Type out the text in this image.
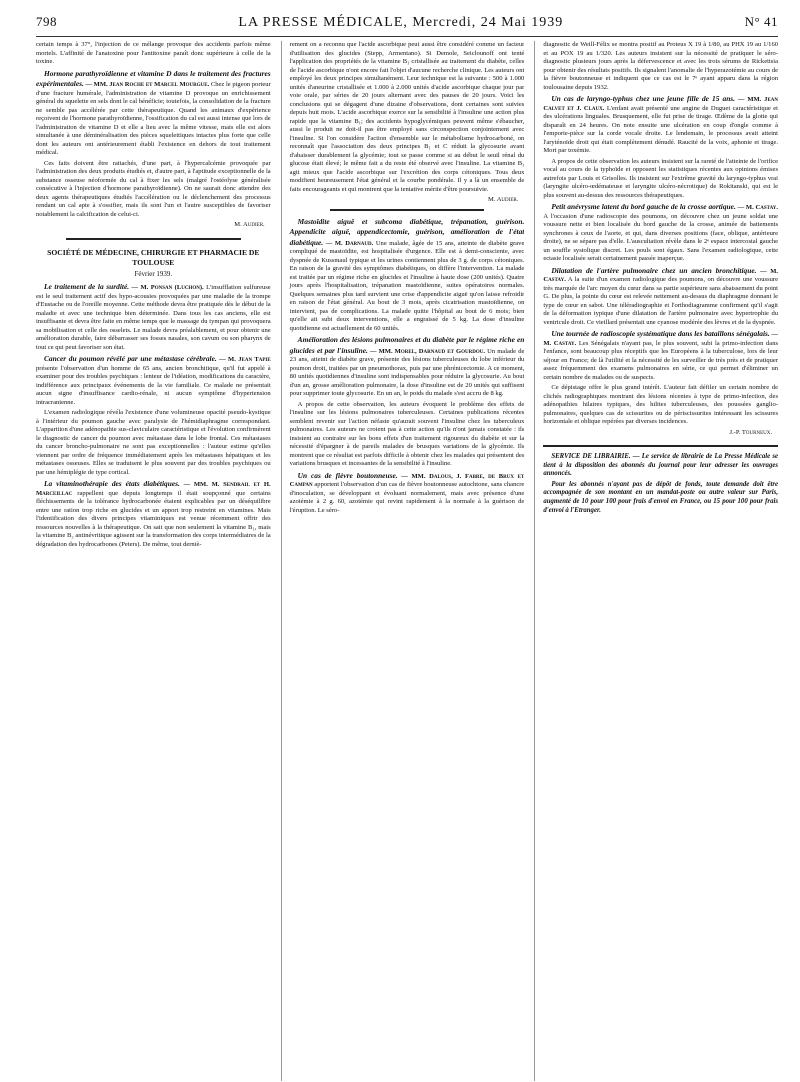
798	LA PRESSE MÉDICALE, Mercredi, 24 Mai 1939	N° 41

certain temps à 37°, l'injection de ce mélange provoque des accidents parfois même mortels. L'affinité de l'anatoxine pour l'antitoxine paraît donc supérieure à celle de la toxine.

Hormone parathyroïdienne et vitamine D dans le traitement des fractures expérimentales. — MM. Jean Roche et Marcel Mourgue. Chez le pigeon porteur d'une fracture humérale, l'administration de vitamine D provoque un enrichissement général du squelette en sels dont le cal bénéficie; toutefois, la consolidation de la fracture ne semble pas accélérée par cette thérapeutique. Quand les animaux d'expérience reçoivent de l'hormone parathyroïdienne, l'ossification du cal est aussi intense que lors de l'administration de vitamine D et elle a lieu avec la même vitesse, mais elle est alors simultanée à une déminéralisation des pièces squelettiques intactes plus forte que celle dont les auteurs ont antérieurement établi l'existence en dehors de tout traitement médical.

Ces faits doivent être rattachés, d'une part, à l'hypercalcémie provoquée par l'administration des deux produits étudiés et, d'autre part, à l'aptitude exceptionnelle de la substance osseuse néoformée du cal à fixer les sels (malgré l'ostéolyse généralisée consécutive à l'injection d'hormone parathyroïdienne). On ne saurait donc attendre des deux agents thérapeutiques étudiés l'accélération ou le déclenchement des processus rendant un cal apte à s'ossifier, mais ils sont l'un et l'autre susceptibles de favoriser notablement la calcification de celui-ci.

M. Audier.

SOCIÉTÉ DE MÉDECINE, CHIRURGIE ET PHARMACIE DE TOULOUSE

Février 1939.

Le traitement de la surdité. — M. Ponsan (Luchon). L'insufflation sulfureuse est le seul traitement actif des hypo-acousies provoquées par une maladie de la trompe d'Eustache ou de l'oreille moyenne. Cette méthode devra être pratiquée dès le début de la maladie et avec une technique bien déterminée. Dans tous les cas anciens, elle est insuffisante et devra être faite en même temps que le massage du tympan qui provoquera sa mobilisation et celle des osselets. Le malade devra préalablement, et pour obtenir une amélioration durable, faire débarrasser ses fosses nasales, son cavum ou son pharynx de tout ce qui peut favoriser son état.

Cancer du poumon révélé par une métastase cérébrale. — M. Jean Tapie présente l'observation d'un homme de 65 ans, ancien bronchitique, qu'il fut appelé à examiner pour des troubles psychiques : lenteur de l'idéation, modifications du caractère, indifférence aux principaux événements de la vie familiale. Ce malade ne présentait aucun signe d'insuffisance cardio-rénale, ni aucun symptôme d'hypertension intracranienne.

L'examen radiologique révéla l'existence d'une volumineuse opacité pseudo-kystique à l'intérieur du poumon gauche avec paralysie de l'hémidiaphragme correspondant. L'apparition d'une adénopathie sus-claviculaire caractéristique et l'évolution confirmèrent le diagnostic de cancer du poumon avec métastase dans le lobe frontal. Ces métastases du cancer broncho-pulmonaire ne sont pas exceptionnelles : l'auteur estime qu'elles viennent par ordre de fréquence immédiatement après les métastases hépatiques et les métastases osseuses. Elles se traduisent le plus souvent par des troubles psychiques ou par une hémiplégie de type cortical.

La vitaminothérapie des états diabétiques. — MM. M. Sendrail et H. Marceillac rappellent que depuis longtemps il était soupçonné que certains fléchissements de la tolérance hydrocarbonée étaient explicables par un déséquilibre entre une ration trop riche en glucides et un apport trop restreint en vitamines. Mais l'identification des divers principes vitaminiques est venue récemment offrir des ressources nouvelles à la thérapeutique. On sait que non seulement la vitamine B₁, mais la vitamine B₂ antinévritique agissent sur la transformation des corps intermédiaires de la dégradation des hydrocarbones (Peters). De même, tout derniè-

rement on a reconnu que l'acide ascorbique peut aussi être considéré comme un facteur d'utilisation des glucides (Stepp, Armentano). Si Demole, Seiclounoff ont tenté l'application des propriétés de la vitamine B₁ cristallisée au traitement du diabète, celles de l'acide ascorbique n'ont encore fait l'objet d'aucune recherche clinique. Les auteurs ont employé les deux principes simultanément. Leur technique est la suivante : 500 à 1.000 unités d'aneurine cristallisée et 1.000 à 2.000 unités d'acide ascorbique chaque jour par voie orale, par séries de 20 jours alternant avec des pauses de 20 jours. Voici les conclusions qui se dégagent d'une dizaine d'observations, dont certaines sont suivies depuis huit mois. L'acide ascorbique exerce sur la sensibilité à l'insuline une action plus rapide que la vitamine B₁; des accidents hypoglycémiques peuvent même s'ébaucher, aussi le produit ne doit-il pas être employé sans circonspection conjointement avec l'insuline. Si l'on considère l'action d'ensemble sur le métabolisme hydrocarboné, on reconnaît que l'association des deux principes B₁ et C réduit la glycosurie avant d'abaisser durablement la glycémie; tout se passe comme si au début le seuil rénal du glucose était élevé; le même fait a du reste été observé avec l'insuline. La vitamine B₁ agit mieux que l'acide ascorbique sur l'excrétion des corps cétoniques. Tous deux modifient heureusement l'état général et la courbe pondérale. Il y a là un ensemble de faits encourageants et qui montrent que la tentative mérite d'être poursuivie.

M. Audier.

Mastoïdite aiguë et subcoma diabétique, trépanation, guérison. Appendicite aiguë, appendicectomie, guérison, amélioration de l'état diabétique. — M. Darnaud. Une malade, âgée de 15 ans, atteinte de diabète grave compliqué de mastoïdite, est hospitalisée d'urgence. Elle est à demi-consciente, avec dyspnée de Kussmaul typique et les urines contiennent plus de 3 g. de corps cétoniques. En raison de la gravité des symptômes diabétiques, on diffère l'intervention. La malade est traitée par un régime riche en glucides et l'insuline à haute dose (200 unités). Quatre jours après l'hospitalisation, trépanation mastoïdienne, suites opératoires normales. Quelques semaines plus tard survient une crise d'appendicite aiguë qu'on laisse refroidir en raison de l'état général. Au bout de 3 mois, après cicatrisation mastoïdienne, on intervient, pas de complications. La malade quitte l'hôpital au bout de 6 mois; bien qu'elle ait subi deux interventions, elle a engraissé de 5 kg. La dose d'insuline quotidienne est actuellement de 60 unités.

Amélioration des lésions pulmonaires et du diabète par le régime riche en glucides et par l'insuline. — MM. Morel, Darnaud et Gourdou. Un malade de 23 ans, atteint de diabète grave, présente des lésions tuberculeuses du lobe inférieur du poumon droit, traitées par un pneumothorax, puis par une phrénicectomie. A ce moment, 80 unités quotidiennes d'insuline sont indispensables pour réduire la glycosurie. Au bout d'un an, grosse amélioration pulmonaire, la dose d'insuline est de 20 unités qui suffisent pour supprimer toute glycosurie. En un an, le poids du malade s'est accru de 8 kg.

A propos de cette observation, les auteurs évoquent le problème des effets de l'insuline sur les lésions pulmonaires tuberculeuses. Certaines publications récentes semblent revenir sur l'action néfaste qu'aurait souvent l'insuline chez les tuberculeux pulmonaires. Les auteurs ne croient pas à cette action qu'ils n'ont jamais constatée : ils insistent au contraire sur les bons effets d'un traitement rigoureux du diabète et sur la nécessité d'épargner à de pareils malades de brusques variations de la glycémie. Ils montrent que ce résultat est parfois difficile à obtenir chez les malades qui présentent des variations brusques et incessantes de la sensibilité à l'insuline.

Un cas de fièvre boutonneuse. — MM. Dalous, J. Fabre, de Brux et Campan apportent l'observation d'un cas de fièvre boutonneuse autochtone, sans chancre d'inoculation, se développant et évoluant normalement, mais avec présence d'une azotémie à 2 g. 60, azotémie qui revint rapidement à la normale à la guérison de l'éruption. Le séro-

diagnostic de Weill-Félix se montra positif au Proteus X 19 à 1/80, au PHX 19 au 1/160 et au POX 19 au 1/320. Les auteurs insistent sur la nécessité de pratiquer le séro-diagnostic plusieurs jours après la défervescence et avec les trois sérums de Rickettsia pour obtenir des résultats positifs. Ils signalent l'anomalie de l'hyperazotémie au cours de la fièvre boutonneuse et indiquent que ce cas est le 7ᵉ ayant apparu dans la région toulousaine depuis 1932.

Un cas de laryngo-typhus chez une jeune fille de 15 ans. — MM. Jean Calvet et J. Claux. L'enfant avait présenté une angine de Duguet caractéristique et des ulcérations linguales. Brusquement, elle fut prise de tirage. Œdème de la glotte qui disparaît en 24 heures. On note ensuite une ulcération en coup d'ongle comme à l'emporte-pièce sur la corde vocale droite. Le lendemain, le processus avait atteint l'aryténoïde droit qui était complètement dénudé. Raucité de la voix, aphonie et tirage. Mort par toxémie.

A propos de cette observation les auteurs insistent sur la rareté de l'atteinte de l'orifice vocal au cours de la typhoïde et opposent les statistiques récentes aux opinions émises autrefois par Louis et Grisolles. Ils insistent sur l'extrême gravité du laryngo-typhus vrai (laryngite ulcéro-œdémateuse et laryngite ulcéro-nécrotique) de Rokitanski, qui est le plus souvent au-dessus des ressources thérapeutiques.

Petit anévrysme latent du bord gauche de la crosse aortique. — M. Castay. A l'occasion d'une radioscopie des poumons, on découvre chez un jeune soldat une voussure nette et bien localisée du bord gauche de la crosse, animée de battements synchrones à ceux de l'aorte, et qui, dans diverses positions (face, oblique, antérieure droite), ne se sépare pas d'elle. L'auscultation révèle dans le 2ᵉ espace intercostal gauche un souffle systolique discret. Les pouls sont égaux. Sans l'examen radiologique, cette ectasie localisée serait certainement passée inaperçue.

Dilatation de l'artère pulmonaire chez un ancien bronchitique. — M. Castay. A la suite d'un examen radiologique des poumons, on découvre une voussure très marquée de l'arc moyen du cœur dans sa partie supérieure sans abaissement du point G. De plus, la pointe du cœur est relevée nettement au-dessus du diaphragme donnant le type de cœur en sabot. Une téléradiographie et l'orthodiagramme confirment qu'il s'agit de la déformation typique d'une dilatation de l'artère pulmonaire avec hypertrophie du ventricule droit. Ce vieillard présentait une cyanose modérée des lèvres et de la dyspnée.

Une tournée de radioscopie systématique dans les bataillons sénégalais. — M. Castay. Les Sénégalais n'ayant pas, le plus souvent, subi la primo-infection dans l'enfance, sont beaucoup plus réceptifs que les Européens à la tuberculose, lors de leur séjour en France; de là l'utilité et la nécessité de les surveiller de très près et de pratiquer assez fréquemment des examens pulmonaires en série, ce qui permet d'éliminer un certain nombre de malades ou de suspects.

Ce dépistage offre le plus grand intérêt. L'auteur fait défiler un certain nombre de clichés radiographiques montrant des lésions récentes à type de primo-infection, des adénopathies hilaires typiques, des hilites tuberculeuses, des poussées ganglio-pulmonaires, quelques cas de scissurites ou de périscissurites intéressant les scissures horizontale et oblique repérées par diverses incidences.

J.-P. Tourneux.

SERVICE DE LIBRAIRIE. — Le service de librairie de La Presse Médicale se tient à la disposition des abonnés du journal pour leur adresser les ouvrages annoncés.

Pour les abonnés n'ayant pas de dépôt de fonds, toute demande doit être accompagnée de son montant en un mandat-poste ou autre valeur sur Paris, augmenté de 10 pour 100 pour frais d'envoi en France, ou 15 pour 100 pour frais d'envoi à l'Etranger.
